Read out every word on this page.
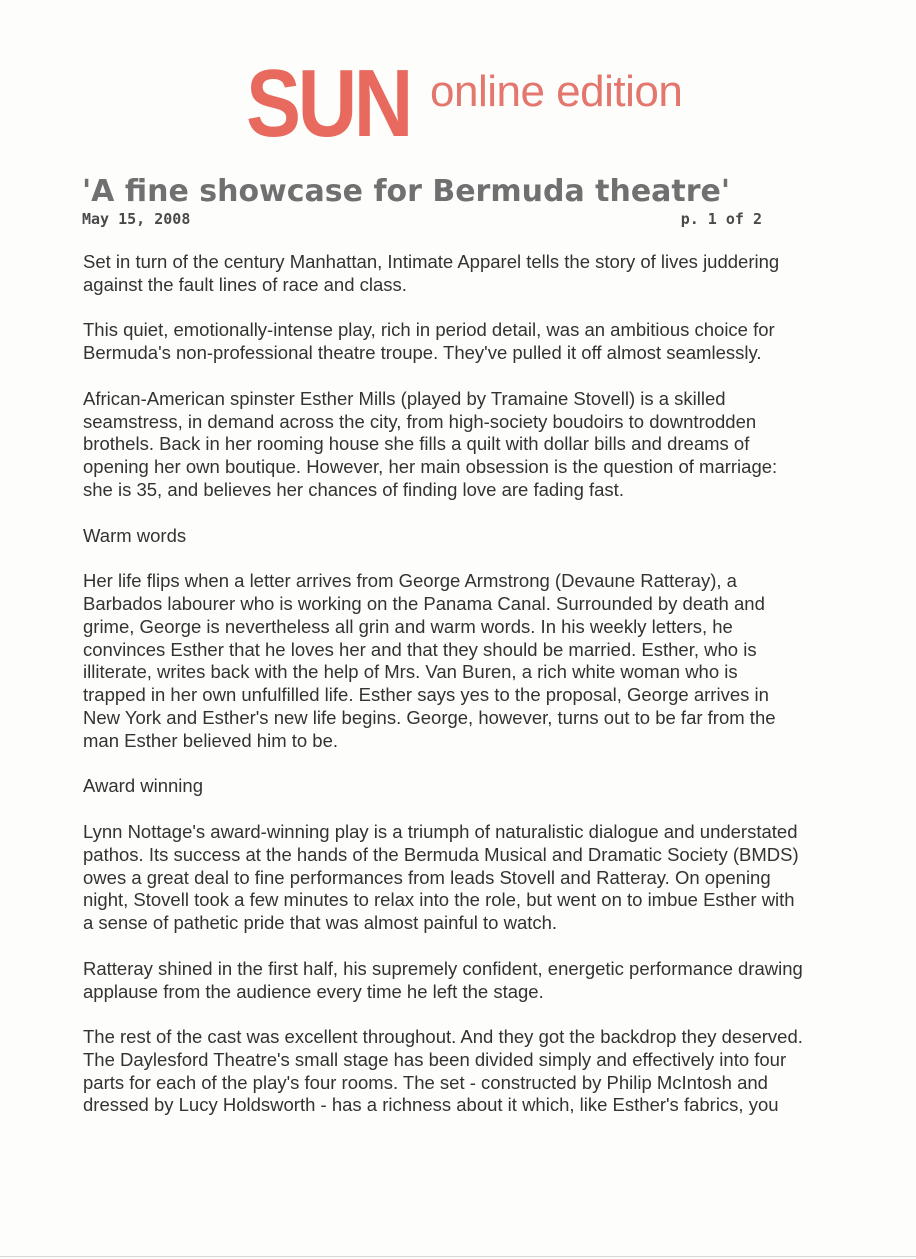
SUN online edition
'A fine showcase for Bermuda theatre'
May 15, 2008	p. 1 of 2

Set in turn of the century Manhattan, Intimate Apparel tells the story of lives juddering
against the fault lines of race and class.

This quiet, emotionally-intense play, rich in period detail, was an ambitious choice for
Bermuda's non-professional theatre troupe. They've pulled it off almost seamlessly.

African-American spinster Esther Mills (played by Tramaine Stovell) is a skilled
seamstress, in demand across the city, from high-society boudoirs to downtrodden
brothels. Back in her rooming house she fills a quilt with dollar bills and dreams of
opening her own boutique. However, her main obsession is the question of marriage:
she is 35, and believes her chances of finding love are fading fast.

Warm words

Her life flips when a letter arrives from George Armstrong (Devaune Ratteray), a
Barbados labourer who is working on the Panama Canal. Surrounded by death and
grime, George is nevertheless all grin and warm words. In his weekly letters, he
convinces Esther that he loves her and that they should be married. Esther, who is
illiterate, writes back with the help of Mrs. Van Buren, a rich white woman who is
trapped in her own unfulfilled life. Esther says yes to the proposal, George arrives in
New York and Esther's new life begins. George, however, turns out to be far from the
man Esther believed him to be.

Award winning

Lynn Nottage's award-winning play is a triumph of naturalistic dialogue and understated
pathos. Its success at the hands of the Bermuda Musical and Dramatic Society (BMDS)
owes a great deal to fine performances from leads Stovell and Ratteray. On opening
night, Stovell took a few minutes to relax into the role, but went on to imbue Esther with
a sense of pathetic pride that was almost painful to watch.

Ratteray shined in the first half, his supremely confident, energetic performance drawing
applause from the audience every time he left the stage.

The rest of the cast was excellent throughout. And they got the backdrop they deserved.
The Daylesford Theatre's small stage has been divided simply and effectively into four
parts for each of the play's four rooms. The set - constructed by Philip McIntosh and
dressed by Lucy Holdsworth - has a richness about it which, like Esther's fabrics, you
